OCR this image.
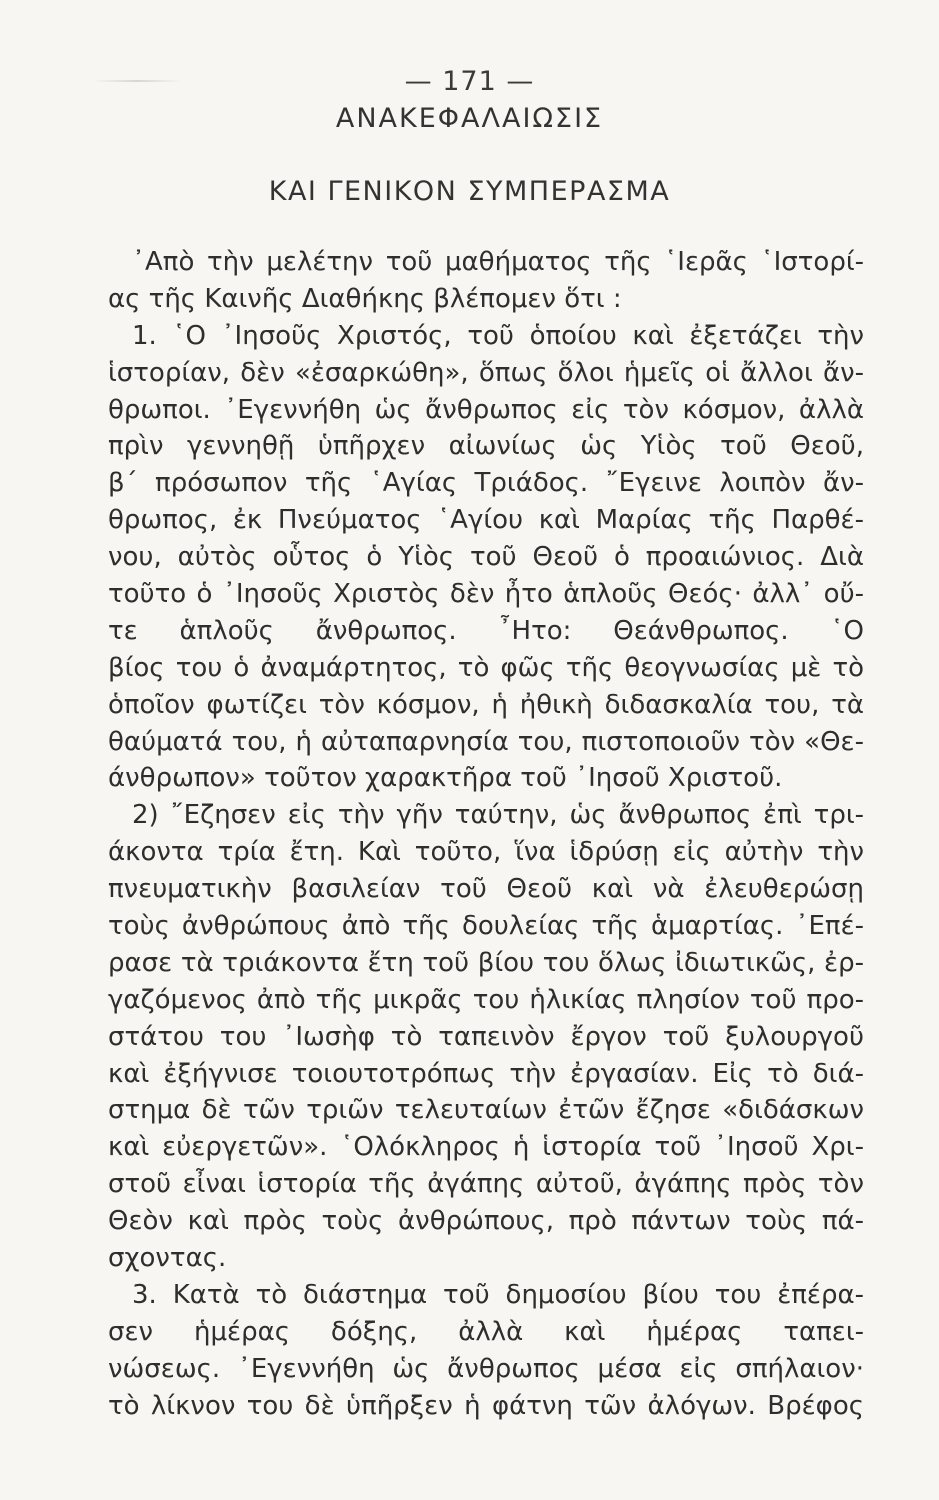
— 171 —
ΑΝΑΚΕΦΑΛΑΙΩΣΙΣ
ΚΑΙ ΓΕΝΙΚΟΝ ΣΥΜΠΕΡΑΣΜΑ
᾿Απὸ τὴν μελέτην τοῦ μαθήματος τῆς ῾Ιερᾶς ῾Ιστορί-
ας τῆς Καινῆς Διαθήκης βλέπομεν ὅτι :
1. ῾Ο ᾿Ιησοῦς Χριστός, τοῦ ὁποίου καὶ ἐξετάζει τὴν
ἱστορίαν, δὲν «ἐσαρκώθη», ὅπως ὅλοι ἡμεῖς οἱ ἄλλοι ἄν-
θρωποι. ᾿Εγεννήθη ὡς ἄνθρωπος εἰς τὸν κόσμον, ἀλλὰ
πρὶν γεννηθῇ ὑπῆρχεν αἰωνίως ὡς Υἱὸς τοῦ Θεοῦ,
β΄ πρόσωπον τῆς ῾Αγίας Τριάδος. ῎Εγεινε λοιπὸν ἄν-
θρωπος, ἐκ Πνεύματος ῾Αγίου καὶ Μαρίας τῆς Παρθέ-
νου, αὐτὸς οὗτος ὁ Υἱὸς τοῦ Θεοῦ ὁ προαιώνιος. Διὰ
τοῦτο ὁ ᾿Ιησοῦς Χριστὸς δὲν ἦτο ἁπλοῦς Θεός· ἀλλ᾿ οὔ-
τε ἁπλοῦς ἄνθρωπος. ῏Ητο: Θεάνθρωπος. ῾Ο
βίος του ὁ ἀναμάρτητος, τὸ φῶς τῆς θεογνωσίας μὲ τὸ
ὁποῖον φωτίζει τὸν κόσμον, ἡ ἠθικὴ διδασκαλία του, τὰ
θαύματά του, ἡ αὐταπαρνησία του, πιστοποιοῦν τὸν «Θε-
άνθρωπον» τοῦτον χαρακτῆρα τοῦ ᾿Ιησοῦ Χριστοῦ.
2) ῎Εζησεν εἰς τὴν γῆν ταύτην, ὡς ἄνθρωπος ἐπὶ τρι-
άκοντα τρία ἔτη. Καὶ τοῦτο, ἵνα ἱδρύσῃ εἰς αὐτὴν τὴν
πνευματικὴν βασιλείαν τοῦ Θεοῦ καὶ νὰ ἐλευθερώσῃ
τοὺς ἀνθρώπους ἀπὸ τῆς δουλείας τῆς ἁμαρτίας. ᾿Επέ-
ρασε τὰ τριάκοντα ἔτη τοῦ βίου του ὅλως ἰδιωτικῶς, ἐρ-
γαζόμενος ἀπὸ τῆς μικρᾶς του ἡλικίας πλησίον τοῦ προ-
στάτου του ᾿Ιωσὴφ τὸ ταπεινὸν ἔργον τοῦ ξυλουργοῦ
καὶ ἐξήγνισε τοιουτοτρόπως τὴν ἐργασίαν. Εἰς τὸ διά-
στημα δὲ τῶν τριῶν τελευταίων ἐτῶν ἔζησε «διδάσκων
καὶ εὐεργετῶν». ῾Ολόκληρος ἡ ἱστορία τοῦ ᾿Ιησοῦ Χρι-
στοῦ εἶναι ἱστορία τῆς ἀγάπης αὐτοῦ, ἀγάπης πρὸς τὸν
Θεὸν καὶ πρὸς τοὺς ἀνθρώπους, πρὸ πάντων τοὺς πά-
σχοντας.
3. Κατὰ τὸ διάστημα τοῦ δημοσίου βίου του ἐπέρα-
σεν ἡμέρας δόξης, ἀλλὰ καὶ ἡμέρας ταπει-
νώσεως. ᾿Εγεννήθη ὡς ἄνθρωπος μέσα εἰς σπήλαιον·
τὸ λίκνον του δὲ ὑπῆρξεν ἡ φάτνη τῶν ἀλόγων. Βρέφος
